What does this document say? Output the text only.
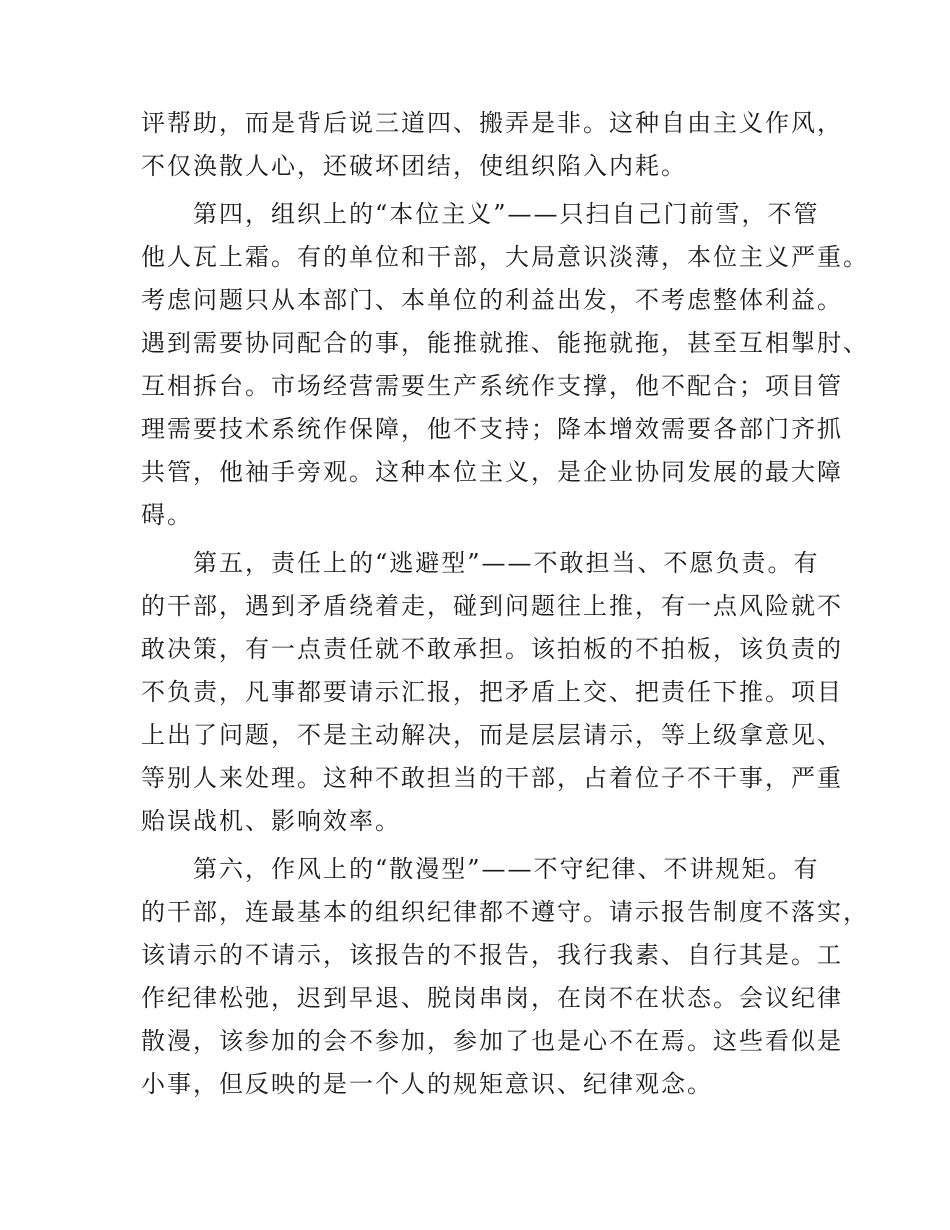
评帮助，而是背后说三道四、搬弄是非。这种自由主义作风，
不仅涣散人心，还破坏团结，使组织陷入内耗。
　　第四，组织上的“本位主义”——只扫自己门前雪，不管
他人瓦上霜。有的单位和干部，大局意识淡薄，本位主义严重。
考虑问题只从本部门、本单位的利益出发，不考虑整体利益。
遇到需要协同配合的事，能推就推、能拖就拖，甚至互相掣肘、
互相拆台。市场经营需要生产系统作支撑，他不配合；项目管
理需要技术系统作保障，他不支持；降本增效需要各部门齐抓
共管，他袖手旁观。这种本位主义，是企业协同发展的最大障
碍。
　　第五，责任上的“逃避型”——不敢担当、不愿负责。有
的干部，遇到矛盾绕着走，碰到问题往上推，有一点风险就不
敢决策，有一点责任就不敢承担。该拍板的不拍板，该负责的
不负责，凡事都要请示汇报，把矛盾上交、把责任下推。项目
上出了问题，不是主动解决，而是层层请示，等上级拿意见、
等别人来处理。这种不敢担当的干部，占着位子不干事，严重
贻误战机、影响效率。
　　第六，作风上的“散漫型”——不守纪律、不讲规矩。有
的干部，连最基本的组织纪律都不遵守。请示报告制度不落实，
该请示的不请示，该报告的不报告，我行我素、自行其是。工
作纪律松弛，迟到早退、脱岗串岗，在岗不在状态。会议纪律
散漫，该参加的会不参加，参加了也是心不在焉。这些看似是
小事，但反映的是一个人的规矩意识、纪律观念。
